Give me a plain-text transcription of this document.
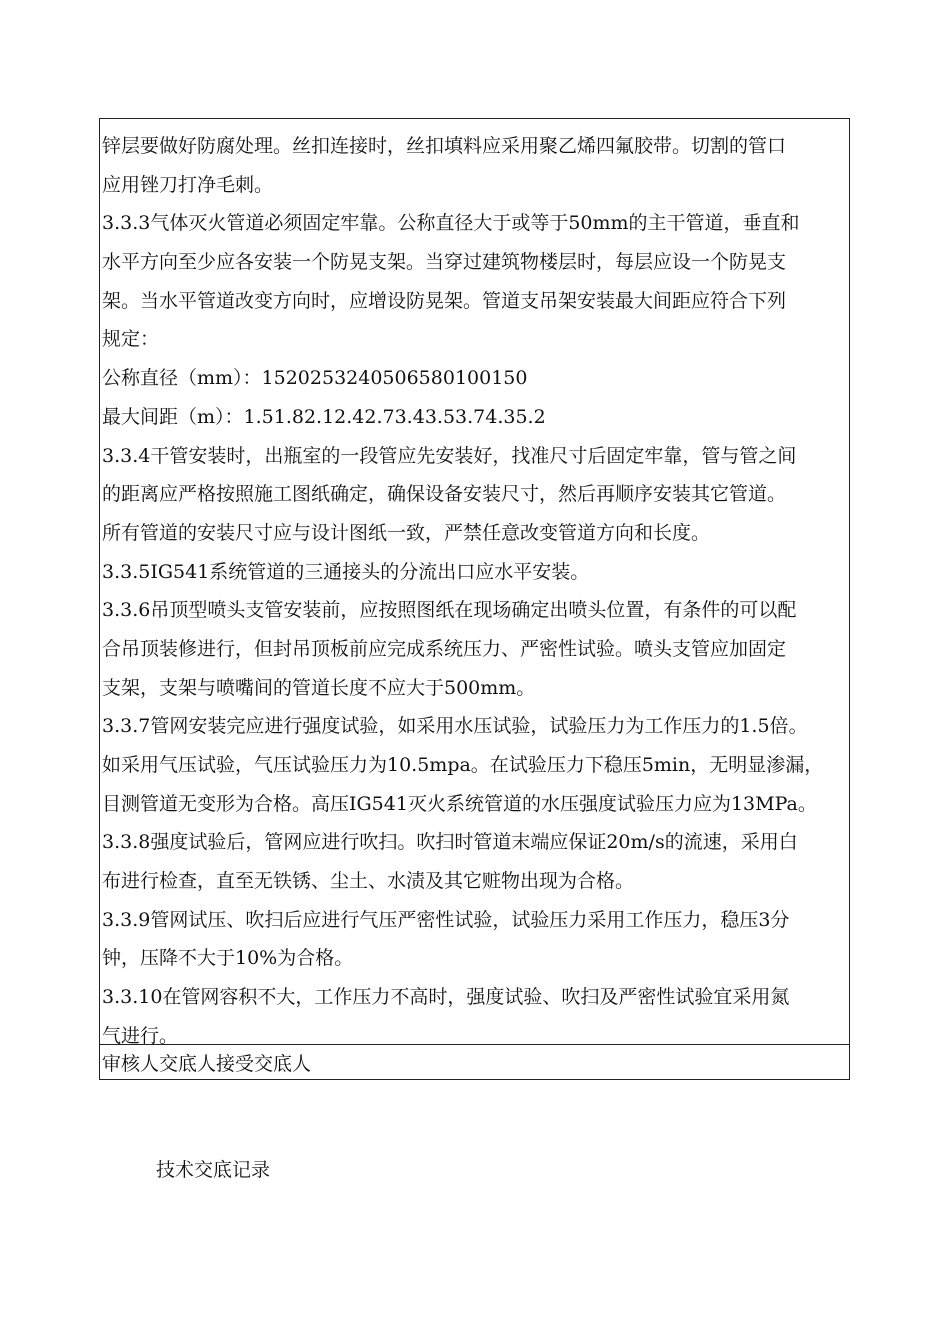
锌层要做好防腐处理。丝扣连接时，丝扣填料应采用聚乙烯四氟胶带。切割的管口
应用锉刀打净毛刺。
3.3.3气体灭火管道必须固定牢靠。公称直径大于或等于50mm的主干管道，垂直和
水平方向至少应各安装一个防晃支架。当穿过建筑物楼层时，每层应设一个防晃支
架。当水平管道改变方向时，应增设防晃架。管道支吊架安装最大间距应符合下列
规定：
公称直径（mm）：15202532405065801001​50
最大间距（m）：1.51.82.12.42.73.43.53.74.35.2
3.3.4干管安装时，出瓶室的一段管应先安装好，找准尺寸后固定牢靠，管与管之间
的距离应严格按照施工图纸确定，确保设备安装尺寸，然后再顺序安装其它管道。
所有管道的安装尺寸应与设计图纸一致，严禁任意改变管道方向和长度。
3.3.5IG541系统管道的三通接头的分流出口应水平安装。
3.3.6吊顶型喷头支管安装前，应按照图纸在现场确定出喷头位置，有条件的可以配
合吊顶装修进行，但封吊顶板前应完成系统压力、严密性试验。喷头支管应加固定
支架，支架与喷嘴间的管道长度不应大于500mm。
3.3.7管网安装完应进行强度试验，如采用水压试验，试验压力为工作压力的1.5倍。
如采用气压试验，气压试验压力为10.5mpa。在试验压力下稳压5min，无明显渗漏，
目测管道无变形为合格。高压IG541灭火系统管道的水压强度试验压力应为13MPa。
3.3.8强度试验后，管网应进行吹扫。吹扫时管道末端应保证20m/s的流速，采用白
布进行检查，直至无铁锈、尘土、水渍及其它赃物出现为合格。
3.3.9管网试压、吹扫后应进行气压严密性试验，试验压力采用工作压力，稳压3分
钟，压降不大于10%为合格。
3.3.10在管网容积不大，工作压力不高时，强度试验、吹扫及严密性试验宜采用氮
气进行。
审核人交底人接受交底人
技术交底记录
